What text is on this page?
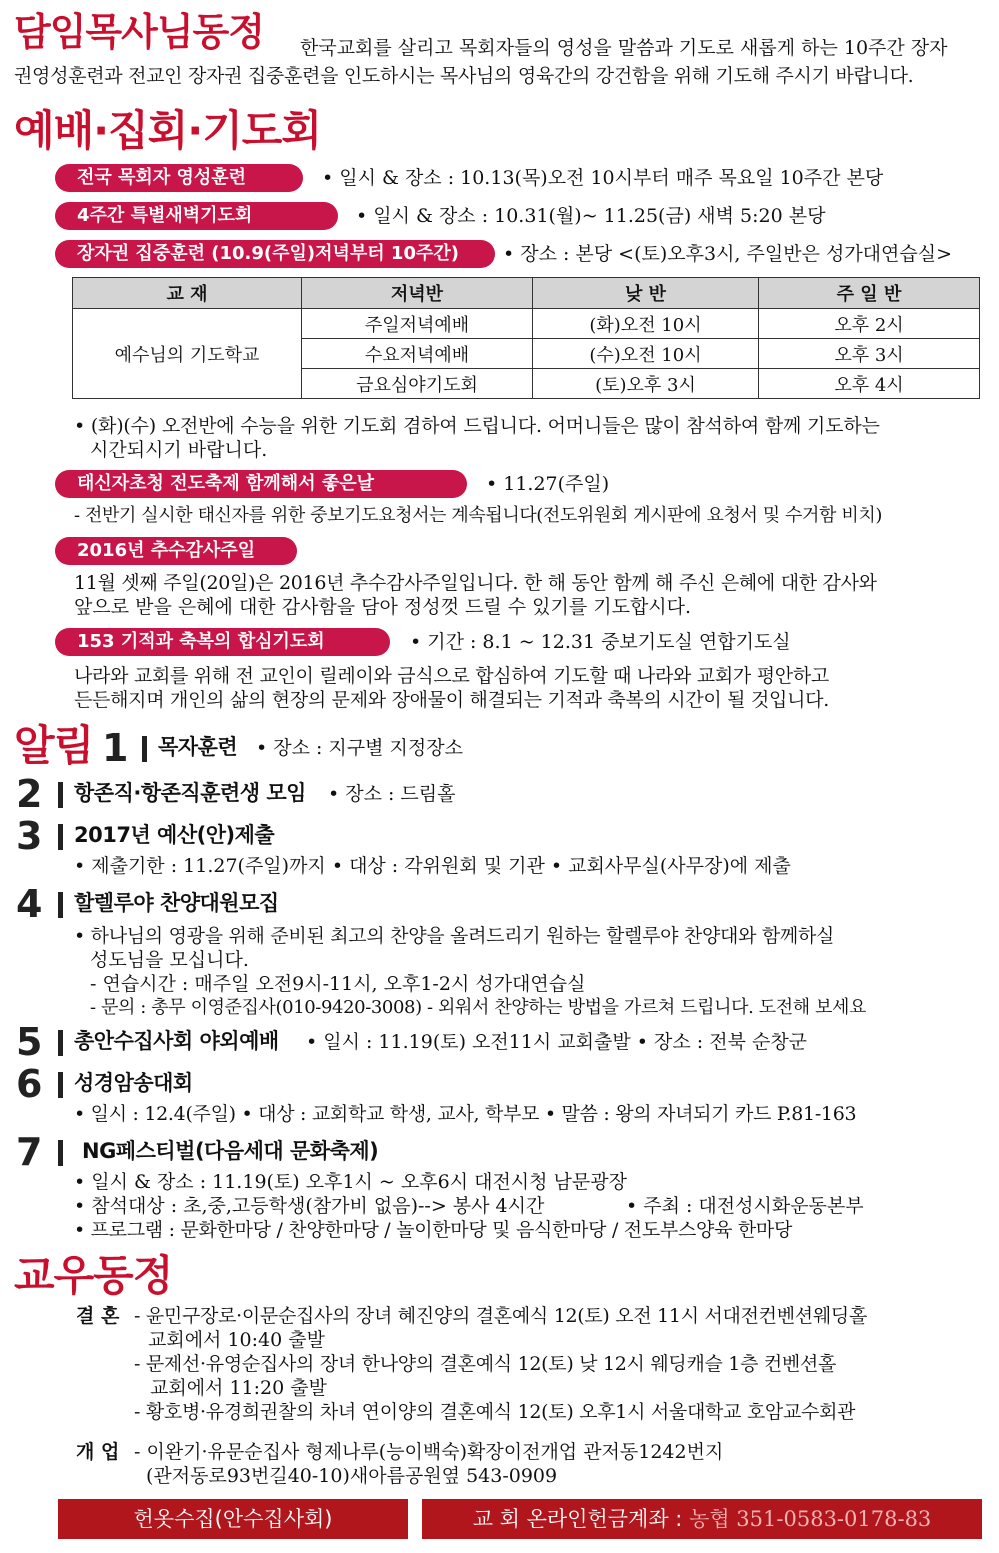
담임목사님동정 한국교회를 살리고 목회자들의 영성을 말씀과 기도로 새롭게 하는 10주간 장자
권영성훈련과 전교인 장자권 집중훈련을 인도하시는 목사님의 영육간의 강건함을 위해 기도해 주시기 바랍니다.
예배·집회·기도회
전국 목회자 영성훈련	• 일시 & 장소 : 10.13(목)오전 10시부터 매주 목요일 10주간 본당
4주간 특별새벽기도회	• 일시 & 장소 : 10.31(월)~ 11.25(금) 새벽 5:20 본당
장자권 집중훈련 (10.9(주일)저녁부터 10주간)	• 장소 : 본당 <(토)오후3시, 주일반은 성가대연습실>
교 재	저녁반	낮 반	주 일 반
예수님의 기도학교	주일저녁예배	(화)오전 10시	오후 2시
	수요저녁예배	(수)오전 10시	오후 3시
	금요심야기도회	(토)오후 3시	오후 4시
• (화)(수) 오전반에 수능을 위한 기도회 겸하여 드립니다. 어머니들은 많이 참석하여 함께 기도하는
시간되시기 바랍니다.
태신자초청 전도축제 함께해서 좋은날	• 11.27(주일)
- 전반기 실시한 태신자를 위한 중보기도요청서는 계속됩니다(전도위원회 게시판에 요청서 및 수거함 비치)
2016년 추수감사주일
11월 셋째 주일(20일)은 2016년 추수감사주일입니다. 한 해 동안 함께 해 주신 은혜에 대한 감사와
앞으로 받을 은혜에 대한 감사함을 담아 정성껏 드릴 수 있기를 기도합시다.
153 기적과 축복의 합심기도회	• 기간 : 8.1 ~ 12.31 중보기도실 연합기도실
나라와 교회를 위해 전 교인이 릴레이와 금식으로 합심하여 기도할 때 나라와 교회가 평안하고
든든해지며 개인의 삶의 현장의 문제와 장애물이 해결되는 기적과 축복의 시간이 될 것입니다.
알림 1 목자훈련 • 장소 : 지구별 지정장소
2 항존직·항존직훈련생 모임 • 장소 : 드림홀
3 2017년 예산(안)제출
• 제출기한 : 11.27(주일)까지 • 대상 : 각위원회 및 기관 • 교회사무실(사무장)에 제출
4 할렐루야 찬양대원모집
• 하나님의 영광을 위해 준비된 최고의 찬양을 올려드리기 원하는 할렐루야 찬양대와 함께하실
성도님을 모십니다.
- 연습시간 : 매주일 오전9시-11시, 오후1-2시 성가대연습실
- 문의 : 총무 이영준집사(010-9420-3008) - 외워서 찬양하는 방법을 가르쳐 드립니다. 도전해 보세요
5 총안수집사회 야외예배 • 일시 : 11.19(토) 오전11시 교회출발 • 장소 : 전북 순창군
6 성경암송대회
• 일시 : 12.4(주일) • 대상 : 교회학교 학생, 교사, 학부모 • 말씀 : 왕의 자녀되기 카드 P.81-163
7 NG페스티벌(다음세대 문화축제)
• 일시 & 장소 : 11.19(토) 오후1시 ~ 오후6시 대전시청 남문광장
• 참석대상 : 초,중,고등학생(참가비 없음)--> 봉사 4시간	• 주최 : 대전성시화운동본부
• 프로그램 : 문화한마당 / 찬양한마당 / 놀이한마당 및 음식한마당 / 전도부스양육 한마당
교우동정
결 혼 - 윤민구장로·이문순집사의 장녀 혜진양의 결혼예식 12(토) 오전 11시 서대전컨벤션웨딩홀
교회에서 10:40 출발
- 문제선·유영순집사의 장녀 한나양의 결혼예식 12(토) 낮 12시 웨딩캐슬 1층 컨벤션홀
교회에서 11:20 출발
- 황호병·유경희권찰의 차녀 연이양의 결혼예식 12(토) 오후1시 서울대학교 호암교수회관
개 업 - 이완기·유문순집사 형제나루(능이백숙)확장이전개업 관저동1242번지
(관저동로93번길40-10)새아름공원옆 543-0909
헌옷수집(안수집사회)	교 회 온라인헌금계좌 : 농협 351-0583-0178-83
